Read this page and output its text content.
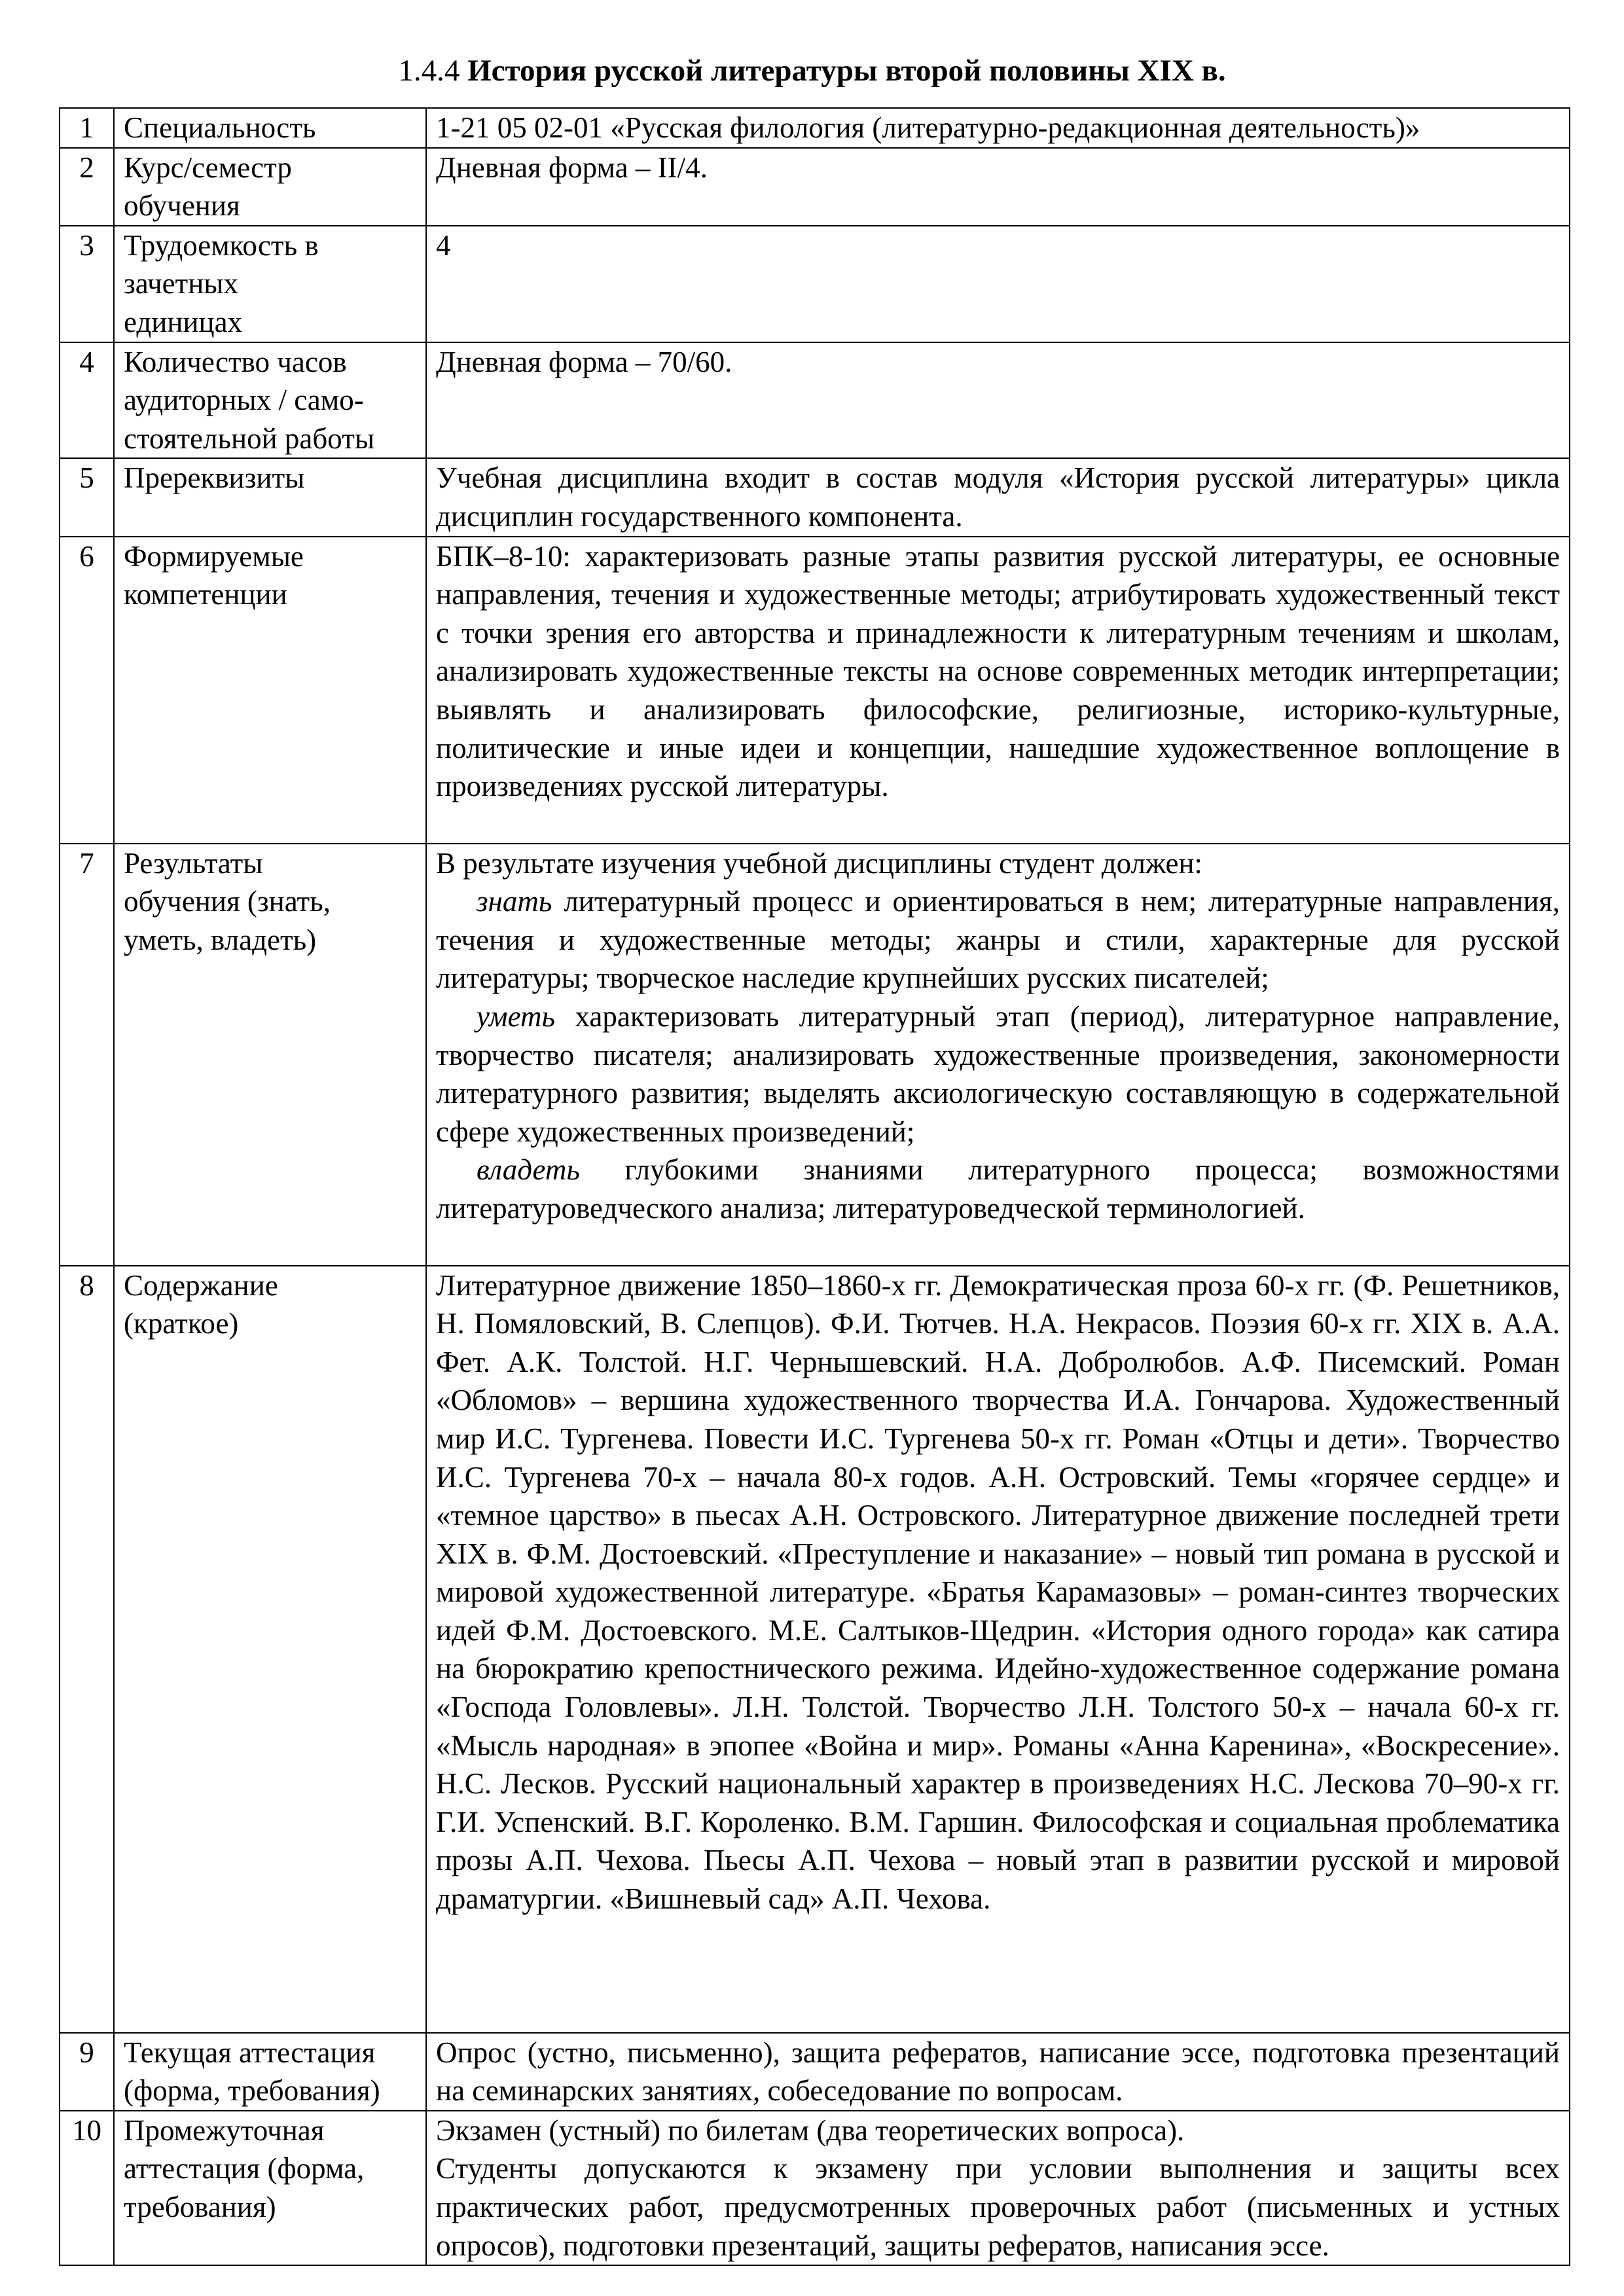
1.4.4 История русской литературы второй половины XIX в.
1	Специальность	1-21 05 02-01 «Русская филология (литературно-редакционная деятельность)»
2	Курс/семестр обучения	Дневная форма – II/4.
3	Трудоемкость в зачетных единицах	4
4	Количество часов аудиторных / само-стоятельной работы	Дневная форма – 70/60.
5	Пререквизиты	Учебная дисциплина входит в состав модуля «История русской литературы» цикла дисциплин государственного компонента.
6	Формируемые компетенции	БПК–8-10: характеризовать разные этапы развития русской литературы, ее основные направления, течения и художественные методы; атрибутировать художественный текст с точки зрения его авторства и принадлежности к литературным течениям и школам, анализировать художественные тексты на основе современных методик интерпретации; выявлять и анализировать философские, религиозные, историко-культурные, политические и иные идеи и концепции, нашедшие художественное воплощение в произведениях русской литературы.
7	Результаты обучения (знать, уметь, владеть)	В результате изучения учебной дисциплины студент должен:

знать литературный процесс и ориентироваться в нем; литературные направления, течения и художественные методы; жанры и стили, характерные для русской литературы; творческое наследие крупнейших русских писателей;

уметь характеризовать литературный этап (период), литературное направление, творчество писателя; анализировать художественные произведения, закономерности литературного развития; выделять аксиологическую составляющую в содержательной сфере художественных произведений;

владеть глубокими знаниями литературного процесса; возможностями литературоведческого анализа; литературоведческой терминологией.

8	Содержание (краткое)	Литературное движение 1850–1860-х гг. Демократическая проза 60-х гг. (Ф. Решетников, Н. Помяловский, В. Слепцов). Ф.И. Тютчев. Н.А. Некрасов. Поэзия 60-х гг. XIX в. А.А. Фет. А.К. Толстой. Н.Г. Чернышевский. Н.А. Добролюбов. А.Ф. Писемский. Роман «Обломов» – вершина художественного творчества И.А. Гончарова. Художественный мир И.С. Тургенева. Повести И.С. Тургенева 50-х гг. Роман «Отцы и дети». Творчество И.С. Тургенева 70-х – начала 80-х годов. А.Н. Островский. Темы «горячее сердце» и «темное царство» в пьесах А.Н. Островского. Литературное движение последней трети XIX в. Ф.М. Достоевский. «Преступление и наказание» – новый тип романа в русской и мировой художественной литературе. «Братья Карамазовы» – роман-синтез творческих идей Ф.М. Достоевского. М.Е. Салтыков-Щедрин. «История одного города» как сатира на бюрократию крепостнического режима. Идейно-художественное содержание романа «Господа Головлевы». Л.Н. Толстой. Творчество Л.Н. Толстого 50-х – начала 60-х гг. «Мысль народная» в эпопее «Война и мир». Романы «Анна Каренина», «Воскресение». Н.С. Лесков. Русский национальный характер в произведениях Н.С. Лескова 70–90-х гг. Г.И. Успенский. В.Г. Короленко. В.М. Гаршин. Философская и социальная проблематика прозы А.П. Чехова. Пьесы А.П. Чехова – новый этап в развитии русской и мировой драматургии. «Вишневый сад» А.П. Чехова.
9	Текущая аттестация (форма, требования)	Опрос (устно, письменно), защита рефератов, написание эссе, подготовка презентаций на семинарских занятиях, собеседование по вопросам.
10	Промежуточная аттестация (форма, требования)	Экзамен (устный) по билетам (два теоретических вопроса).

Студенты допускаются к экзамену при условии выполнения и защиты всех практических работ, предусмотренных проверочных работ (письменных и устных опросов), подготовки презентаций, защиты рефератов, написания эссе.
